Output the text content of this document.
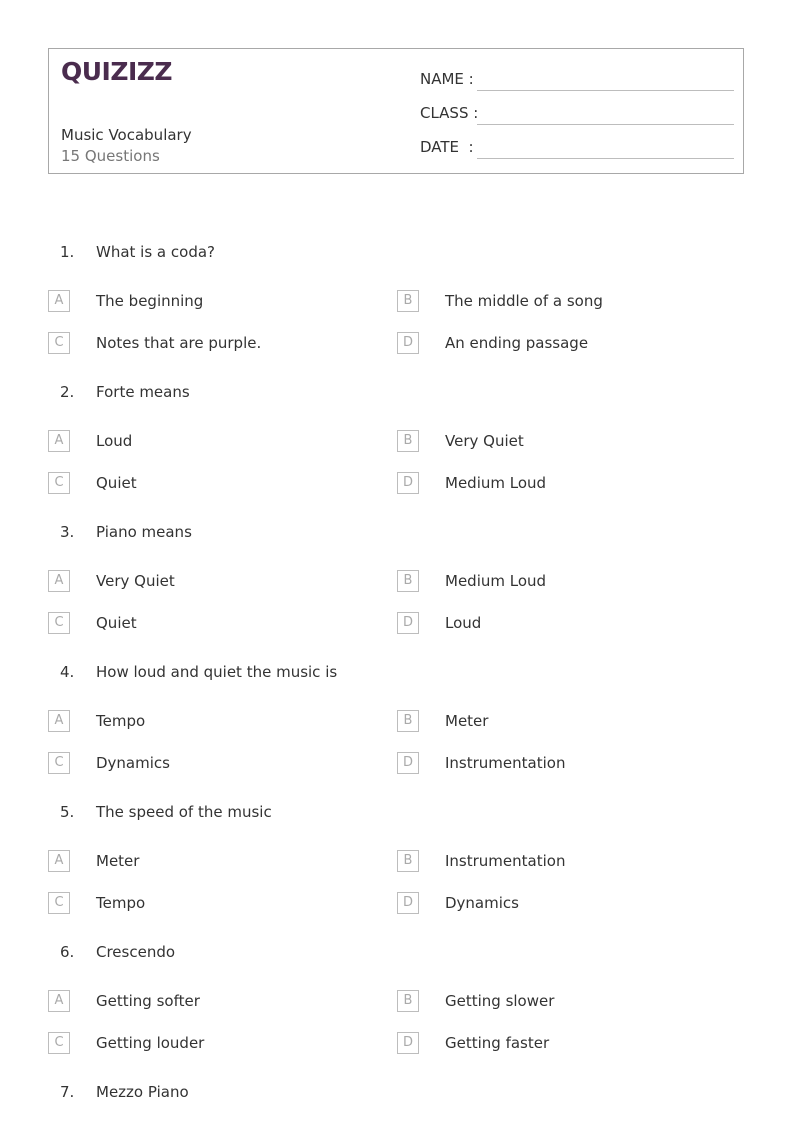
QUIZIZZ
Music Vocabulary
15 Questions
NAME :
CLASS :
DATE  :
1. What is a coda?
A	The beginning	B	The middle of a song
C	Notes that are purple.	D	An ending passage
2. Forte means
A	Loud	B	Very Quiet
C	Quiet	D	Medium Loud
3. Piano means
A	Very Quiet	B	Medium Loud
C	Quiet	D	Loud
4. How loud and quiet the music is
A	Tempo	B	Meter
C	Dynamics	D	Instrumentation
5. The speed of the music
A	Meter	B	Instrumentation
C	Tempo	D	Dynamics
6. Crescendo
A	Getting softer	B	Getting slower
C	Getting louder	D	Getting faster
7. Mezzo Piano
